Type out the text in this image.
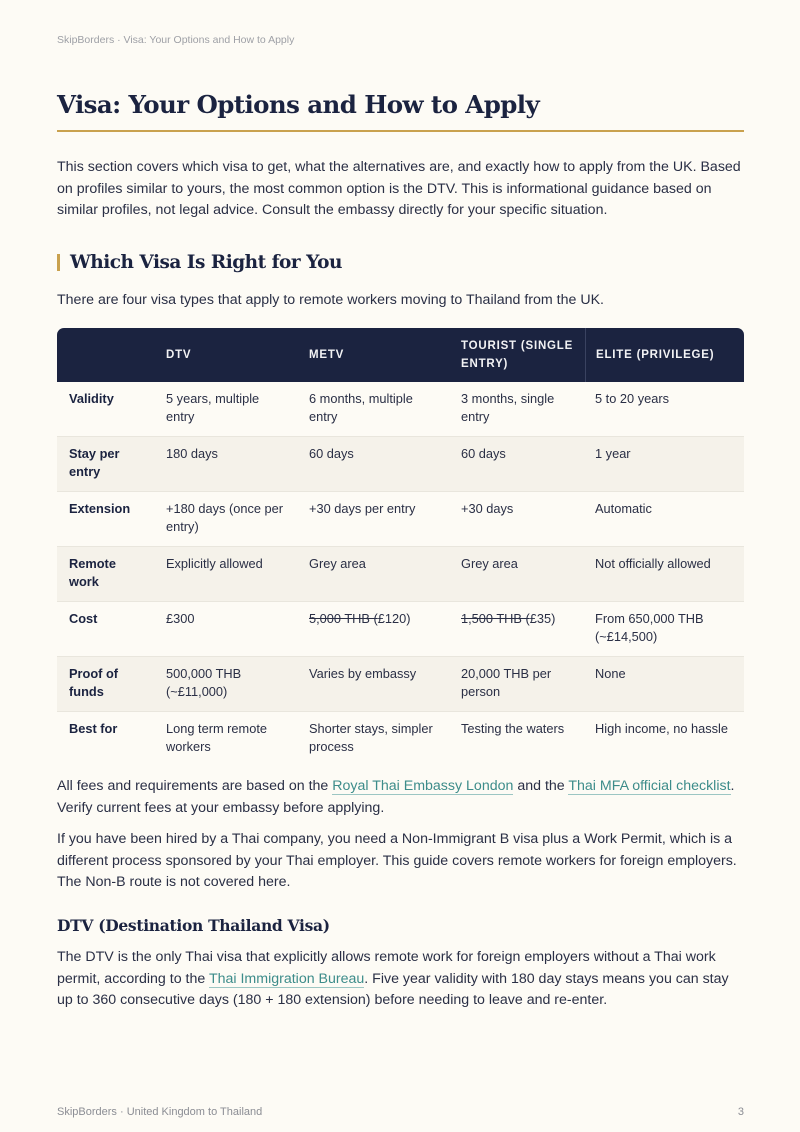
SkipBorders · Visa: Your Options and How to Apply
Visa: Your Options and How to Apply

This section covers which visa to get, what the alternatives are, and exactly how to apply from the UK. Based on profiles similar to yours, the most common option is the DTV. This is informational guidance based on similar profiles, not legal advice. Consult the embassy directly for your specific situation.

Which Visa Is Right for You

There are four visa types that apply to remote workers moving to Thailand from the UK.

	DTV	METV	TOURIST (SINGLE ENTRY)	ELITE (PRIVILEGE)
Validity	5 years, multiple entry	6 months, multiple entry	3 months, single entry	5 to 20 years
Stay per entry	180 days	60 days	60 days	1 year
Extension	+180 days (once per entry)	+30 days per entry	+30 days	Automatic
Remote work	Explicitly allowed	Grey area	Grey area	Not officially allowed
Cost	£300	5,000 THB (£120)	1,500 THB (£35)	From 650,000 THB (~£14,500)
Proof of funds	500,000 THB (~£11,000)	Varies by embassy	20,000 THB per person	None
Best for	Long term remote workers	Shorter stays, simpler process	Testing the waters	High income, no hassle

All fees and requirements are based on the Royal Thai Embassy London and the Thai MFA official checklist. Verify current fees at your embassy before applying.

If you have been hired by a Thai company, you need a Non-Immigrant B visa plus a Work Permit, which is a different process sponsored by your Thai employer. This guide covers remote workers for foreign employers. The Non-B route is not covered here.

DTV (Destination Thailand Visa)

The DTV is the only Thai visa that explicitly allows remote work for foreign employers without a Thai work permit, according to the Thai Immigration Bureau. Five year validity with 180 day stays means you can stay up to 360 consecutive days (180 + 180 extension) before needing to leave and re-enter.

SkipBorders · United Kingdom to Thailand	3
